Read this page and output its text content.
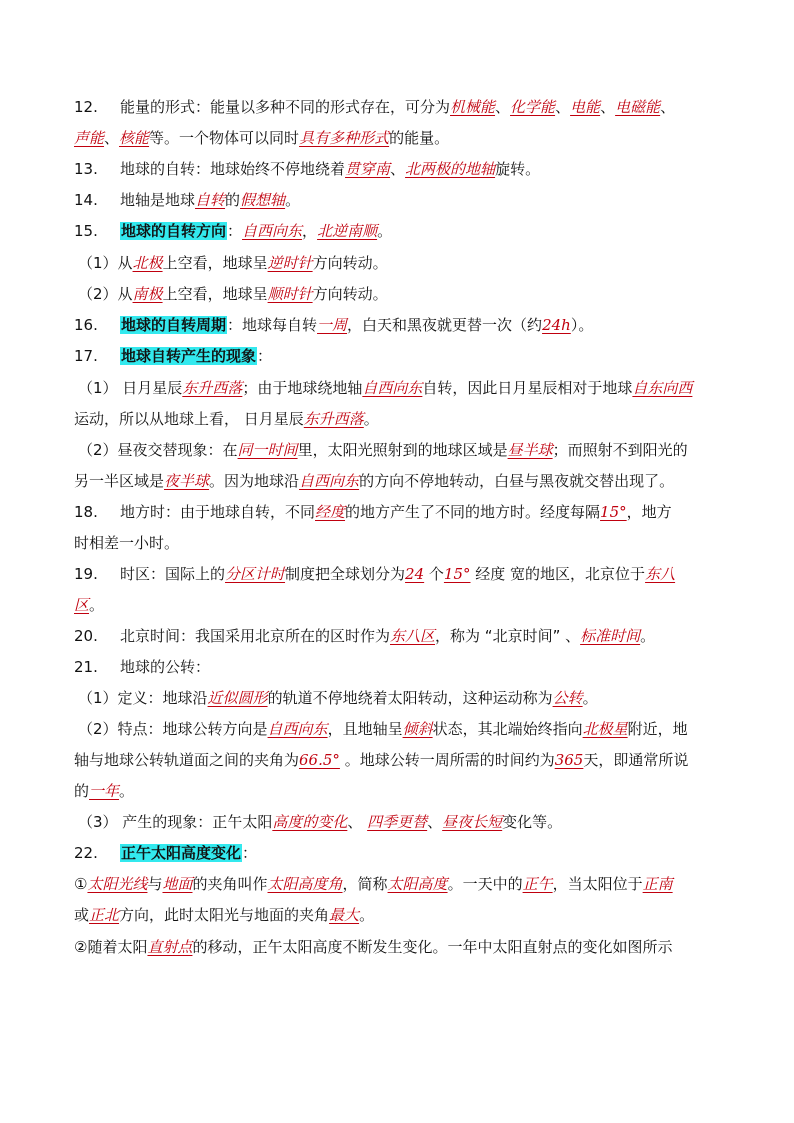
12. 能量的形式：能量以多种不同的形式存在，可分为机械能、化学能、电能、电磁能、
声能、核能等。一个物体可以同时具有多种形式的能量。
13. 地球的自转：地球始终不停地绕着贯穿南、北两极的地轴旋转。
14. 地轴是地球自转的假想轴。
15. 地球的自转方向：自西向东，北逆南顺。
（1）从北极上空看，地球呈逆时针方向转动。
（2）从南极上空看，地球呈顺时针方向转动。
16. 地球的自转周期：地球每自转一周，白天和黑夜就更替一次（约24h）。
17. 地球自转产生的现象：
（1） 日月星辰东升西落；由于地球绕地轴自西向东自转，因此日月星辰相对于地球自东向西
运动，所以从地球上看， 日月星辰东升西落。
（2）昼夜交替现象：在同一时间里，太阳光照射到的地球区域是昼半球；而照射不到阳光的
另一半区域是夜半球。因为地球沿自西向东的方向不停地转动，白昼与黑夜就交替出现了。
18. 地方时：由于地球自转，不同经度的地方产生了不同的地方时。经度每隔15°，地方
时相差一小时。
19. 时区：国际上的分区计时制度把全球划分为24 个15° 经度 宽的地区，北京位于东八
区。
20. 北京时间：我国采用北京所在的区时作为东八区，称为 “北京时间” 、标准时间。
21. 地球的公转：
（1）定义：地球沿近似圆形的轨道不停地绕着太阳转动，这种运动称为公转。
（2）特点：地球公转方向是自西向东，且地轴呈倾斜状态，其北端始终指向北极星附近，地
轴与地球公转轨道面之间的夹角为66.5° 。地球公转一周所需的时间约为365天，即通常所说
的一年。
（3） 产生的现象：正午太阳高度的变化、 四季更替、昼夜长短变化等。
22. 正午太阳高度变化：
①太阳光线与地面的夹角叫作太阳高度角，简称太阳高度。一天中的正午，当太阳位于正南
或正北方向，此时太阳光与地面的夹角最大。
②随着太阳直射点的移动，正午太阳高度不断发生变化。一年中太阳直射点的变化如图所示
